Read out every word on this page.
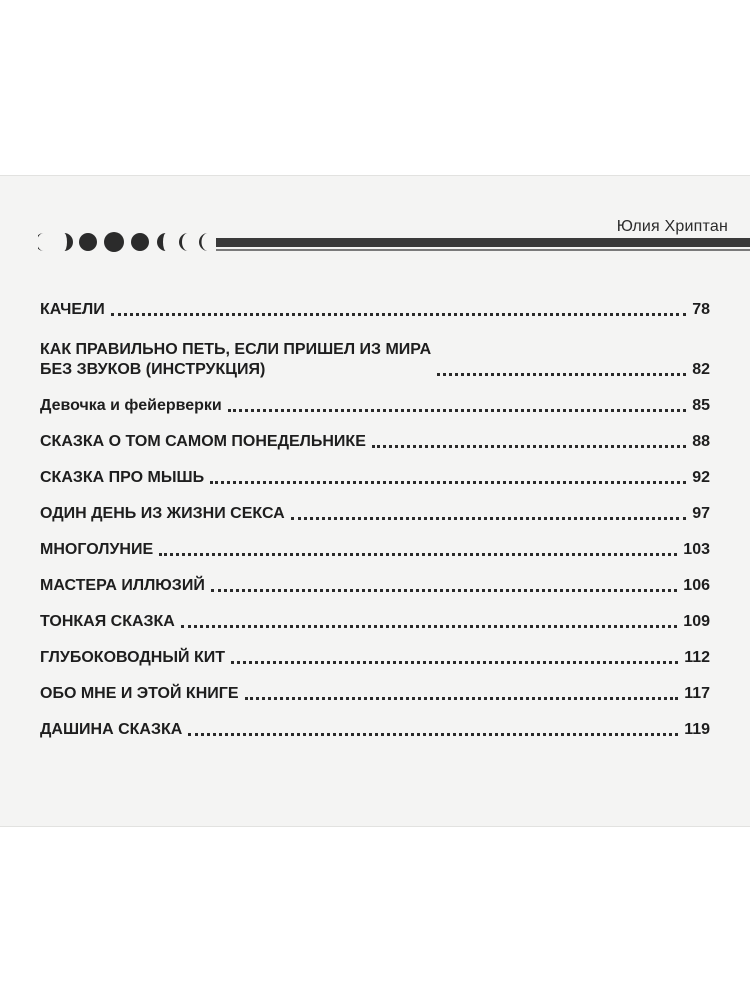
Юлия Хриптан
КАЧЕЛИ	78
КАК ПРАВИЛЬНО ПЕТЬ, ЕСЛИ ПРИШЕЛ ИЗ МИРА
БЕЗ ЗВУКОВ (ИНСТРУКЦИЯ)	82
Девочка и фейерверки	85
СКАЗКА О ТОМ САМОМ ПОНЕДЕЛЬНИКЕ	88
СКАЗКА ПРО МЫШЬ	92
ОДИН ДЕНЬ ИЗ ЖИЗНИ СЕКСА	97
МНОГОЛУНИЕ	103
МАСТЕРА ИЛЛЮЗИЙ	106
ТОНКАЯ СКАЗКА	109
ГЛУБОКОВОДНЫЙ КИТ	112
ОБО МНЕ И ЭТОЙ КНИГЕ	117
ДАШИНА СКАЗКА	119
